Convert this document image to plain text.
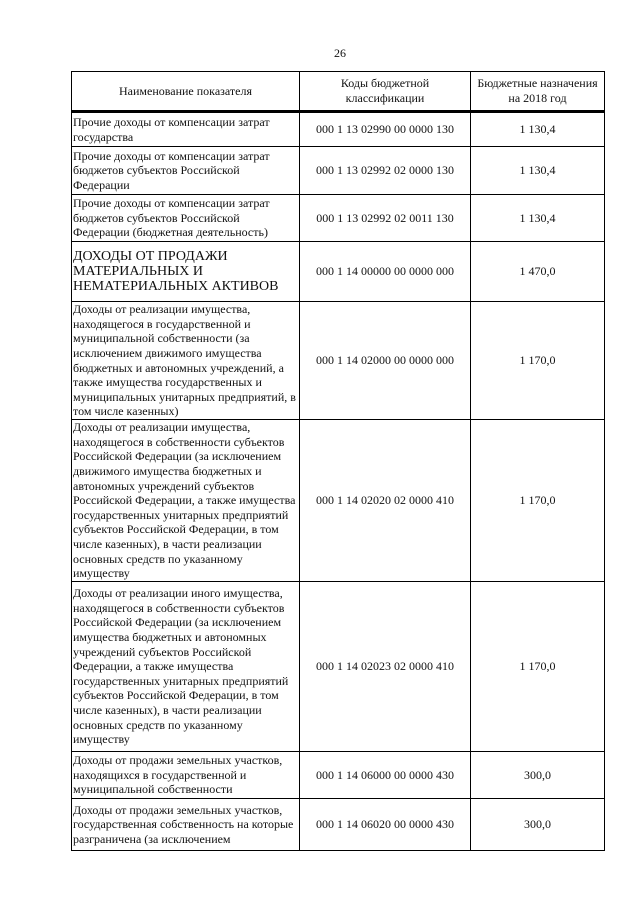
26
Наименование показателя	Коды бюджетной классификации	Бюджетные назначения на 2018 год
Прочие доходы от компенсации затрат государства	000 1 13 02990 00 0000 130	1 130,4
Прочие доходы от компенсации затрат бюджетов субъектов Российской Федерации	000 1 13 02992 02 0000 130	1 130,4
Прочие доходы от компенсации затрат бюджетов субъектов Российской Федерации (бюджетная деятельность)	000 1 13 02992 02 0011 130	1 130,4
ДОХОДЫ ОТ ПРОДАЖИ МАТЕРИАЛЬНЫХ И НЕМАТЕРИАЛЬНЫХ АКТИВОВ	000 1 14 00000 00 0000 000	1 470,0
Доходы от реализации имущества, находящегося в государственной и муниципальной собственности (за исключением движимого имущества бюджетных и автономных учреждений, а также имущества государственных и муниципальных унитарных предприятий, в том числе казенных)	000 1 14 02000 00 0000 000	1 170,0
Доходы от реализации имущества, находящегося в собственности субъектов Российской Федерации (за исключением движимого имущества бюджетных и автономных учреждений субъектов Российской Федерации, а также имущества государственных унитарных предприятий субъектов Российской Федерации, в том числе казенных), в части реализации основных средств по указанному имуществу	000 1 14 02020 02 0000 410	1 170,0
Доходы от реализации иного имущества, находящегося в собственности субъектов Российской Федерации (за исключением имущества бюджетных и автономных учреждений субъектов Российской Федерации, а также имущества государственных унитарных предприятий субъектов Российской Федерации, в том числе казенных), в части реализации основных средств по указанному имуществу	000 1 14 02023 02 0000 410	1 170,0
Доходы от продажи земельных участков, находящихся в государственной и муниципальной собственности	000 1 14 06000 00 0000 430	300,0
Доходы от продажи земельных участков, государственная собственность на которые разграничена (за исключением	000 1 14 06020 00 0000 430	300,0
